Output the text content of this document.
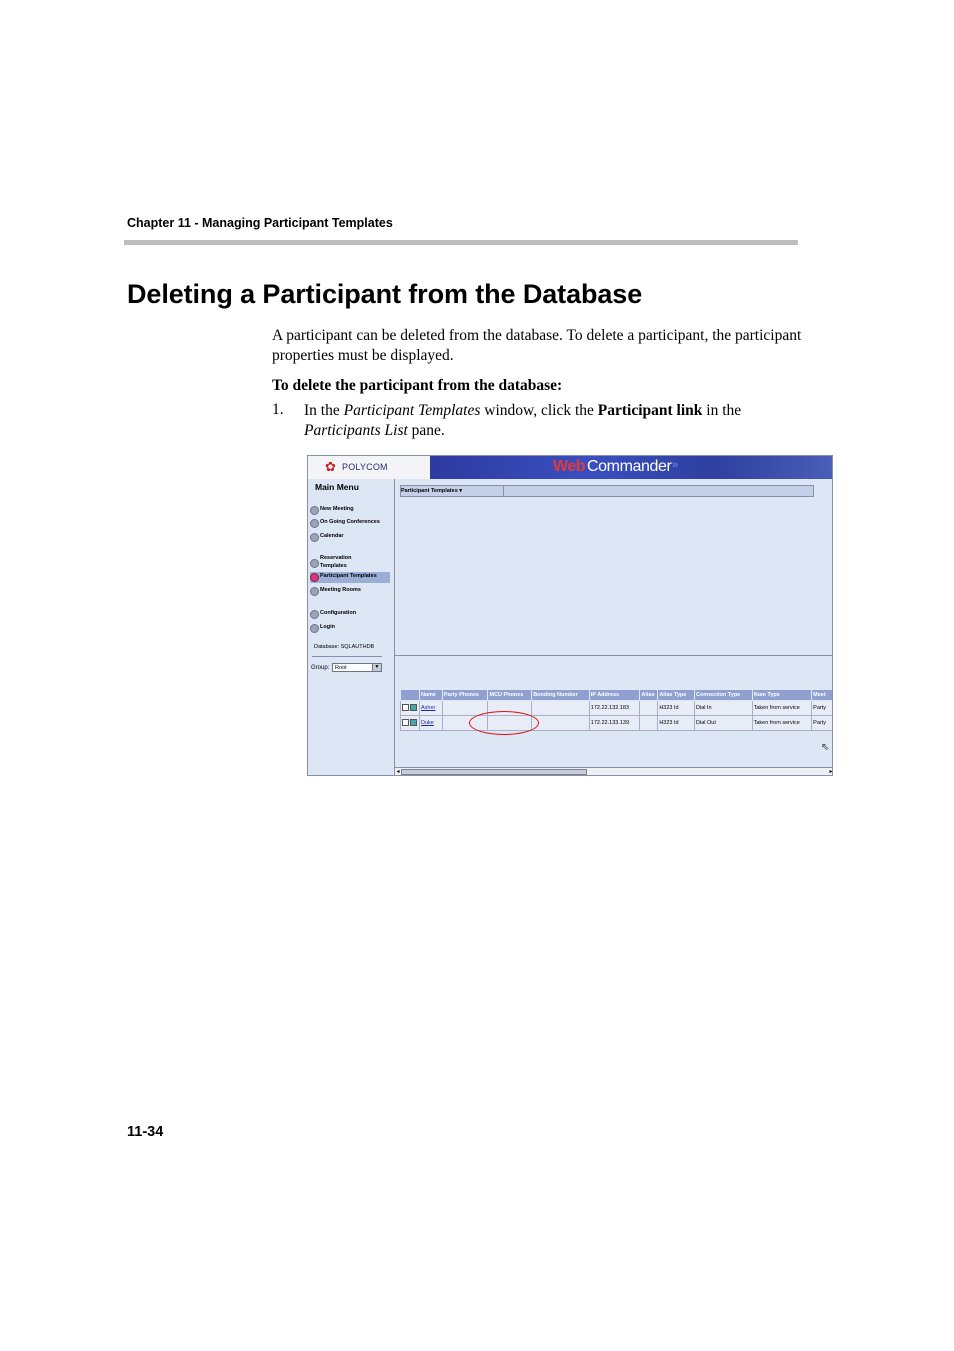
Chapter 11 - Managing Participant Templates
Deleting a Participant from the Database
A participant can be deleted from the database. To delete a participant, the participant properties must be displayed.
To delete the participant from the database:
1. In the Participant Templates window, click the Participant link in the Participants List pane.
✿ POLYCOM	Web Commander »
Main Menu
New Meeting
On Going Conferences
Calendar
Reservation
Templates
Participant Templates
Meeting Rooms
Configuration
Login
Database: SQLAUTHDB
Group:	Root	▼
Participant Templates ▾
	Name	Party Phones	MCU Phones	Bonding Number	IP Address	Alias	Alias Type	Connection Type	Num Type	Meet
	Asher				172.22.132.183		H323 Id	Dial In	Taken from service	Party
	Duke				172.22.133.139		H323 Id	Dial Out	Taken from service	Party
⇖
◂	▸
11-34
